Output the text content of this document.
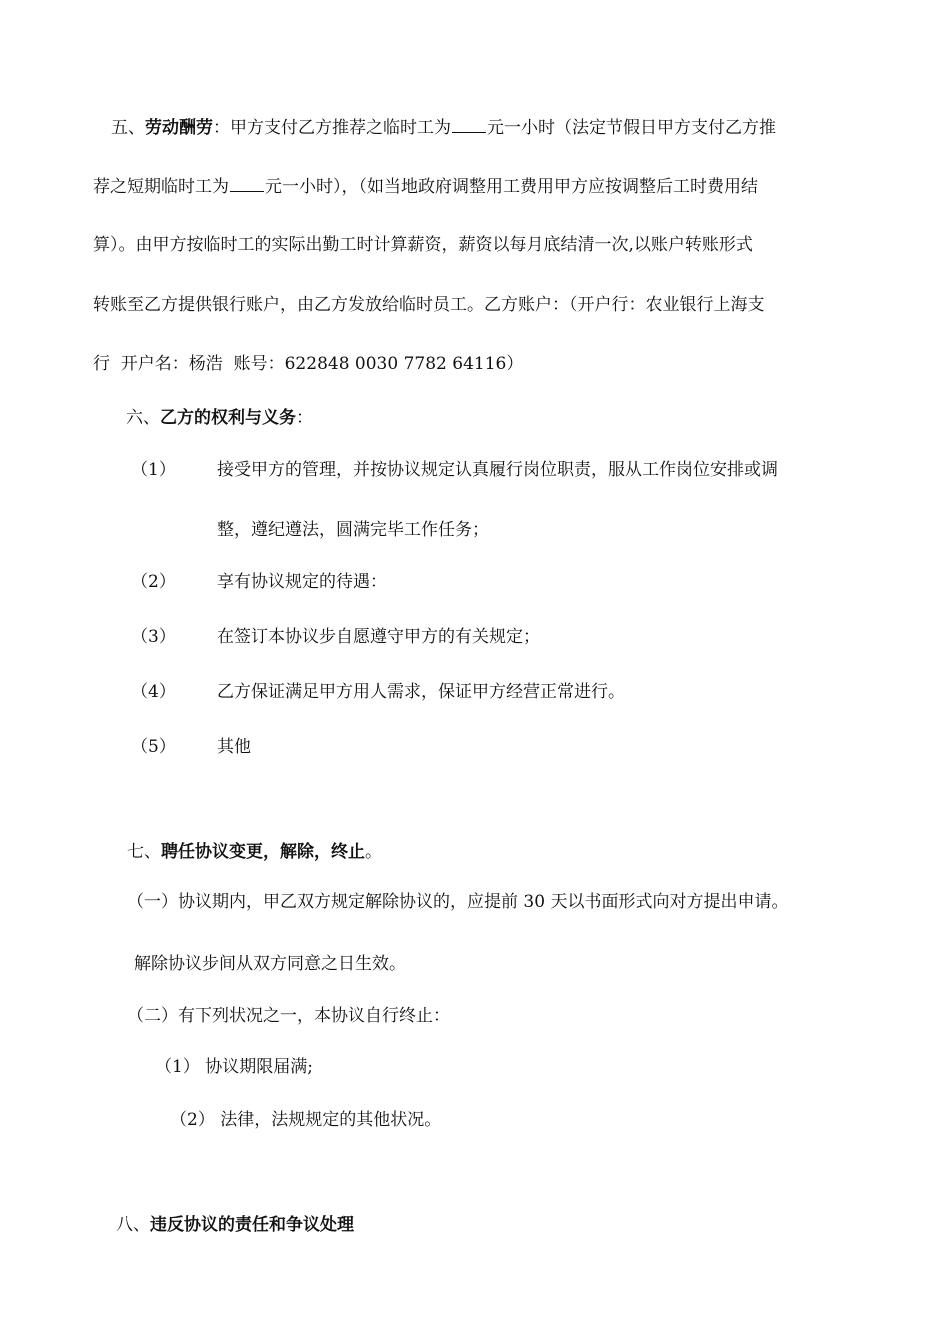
五、劳动酬劳：甲方支付乙方推荐之临时工为 元一小时（法定节假日甲方支付乙方推
荐之短期临时工为 元一小时），（如当地政府调整用工费用甲方应按调整后工时费用结
算）。由甲方按临时工的实际出勤工时计算薪资，薪资以每月底结清一次,以账户转账形式
转账至乙方提供银行账户，由乙方发放给临时员工。乙方账户：（开户行：农业银行上海支
行  开户名：杨浩  账号：622848 0030 7782 64116）
六、乙方的权利与义务：
（1） 接受甲方的管理，并按协议规定认真履行岗位职责，服从工作岗位安排或调
整，遵纪遵法，圆满完毕工作任务；
（2） 享有协议规定的待遇：
（3） 在签订本协议步自愿遵守甲方的有关规定；
（4） 乙方保证满足甲方用人需求，保证甲方经营正常进行。
（5） 其他
七、聘任协议变更，解除，终止。
（一）协议期内，甲乙双方规定解除协议的，应提前 30 天以书面形式向对方提出申请。
解除协议步间从双方同意之日生效。
（二）有下列状况之一，本协议自行终止：
（1） 协议期限届满;
（2） 法律，法规规定的其他状况。
八、违反协议的责任和争议处理
